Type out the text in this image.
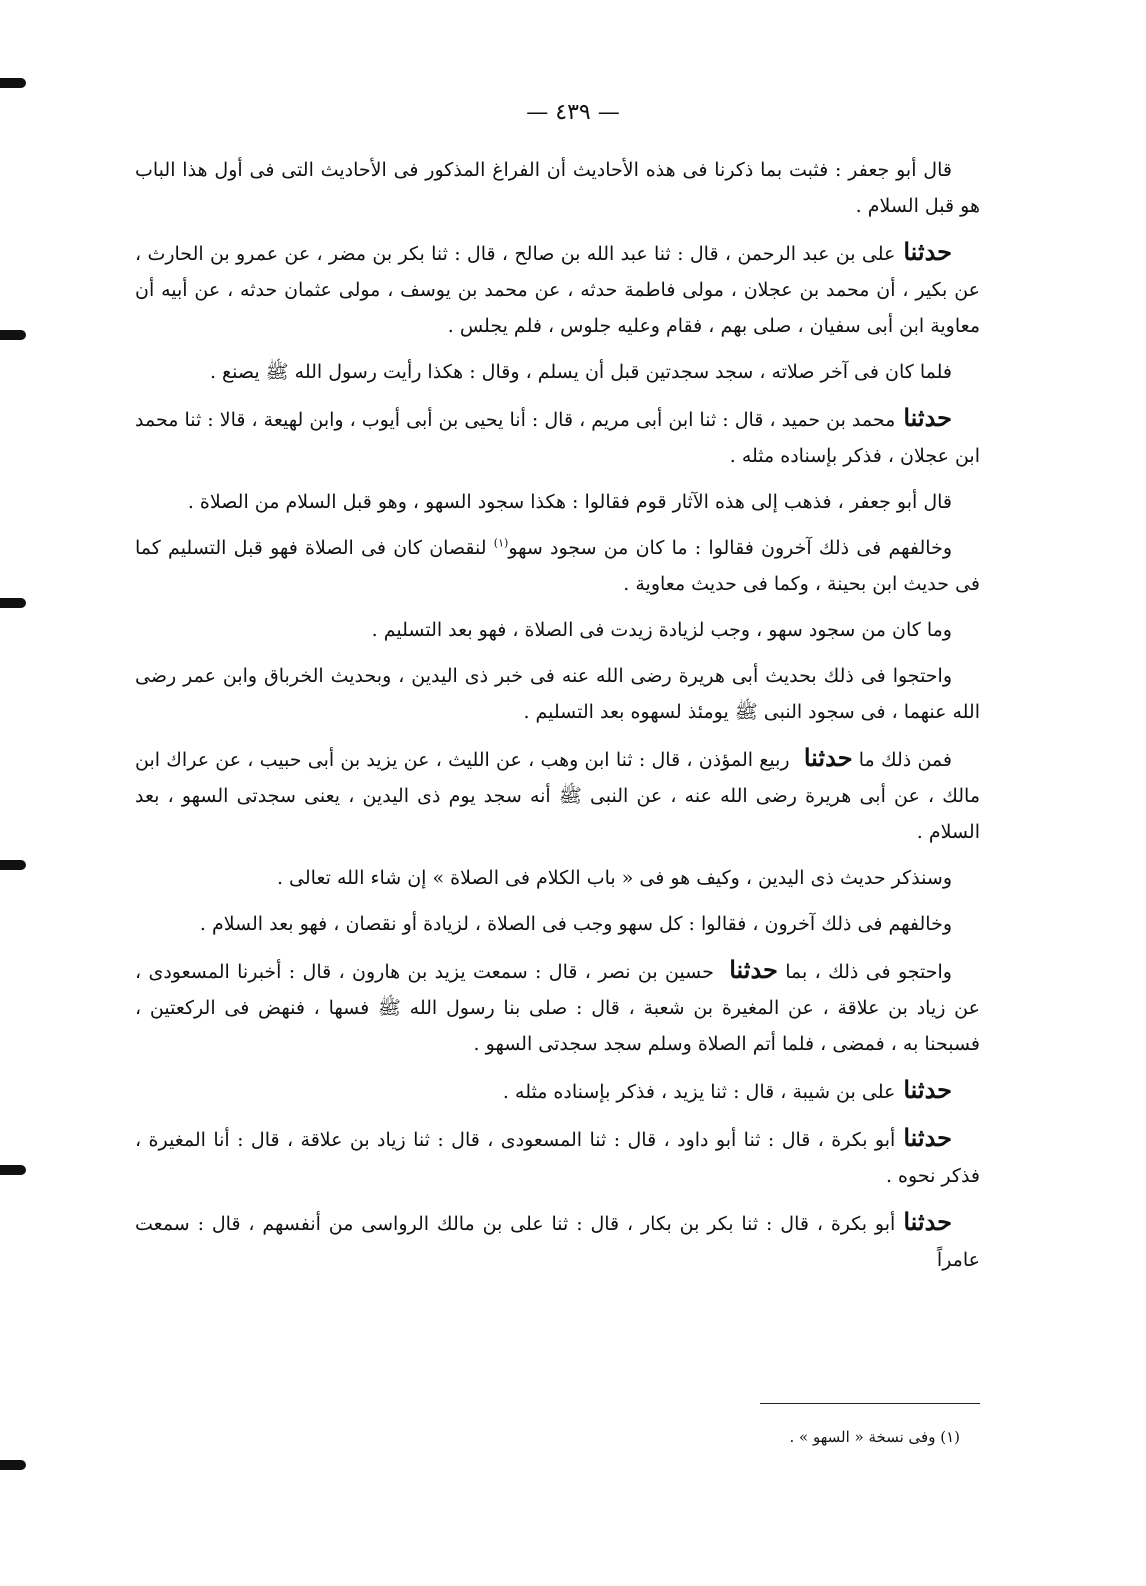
— ٤٣٩ —

قال أبو جعفر : فثبت بما ذكرنا فى هذه الأحاديث أن الفراغ المذكور فى الأحاديث التى فى أول هذا الباب هو قبل السلام .

حدثناعلى بن عبد الرحمن ، قال : ثنا عبد الله بن صالح ، قال : ثنا بكر بن مضر ، عن عمرو بن الحارث ، عن بكير ، أن محمد بن عجلان ، مولى فاطمة حدثه ، عن محمد بن يوسف ، مولى عثمان حدثه ، عن أبيه أن معاوية ابن أبى سفيان ، صلى بهم ، فقام وعليه جلوس ، فلم يجلس .

فلما كان فى آخر صلاته ، سجد سجدتين قبل أن يسلم ، وقال : هكذا رأيت رسول الله ﷺ يصنع .

حدثنامحمد بن حميد ، قال : ثنا ابن أبى مريم ، قال : أنا يحيى بن أبى أيوب ، وابن لهيعة ، قالا : ثنا محمد ابن عجلان ، فذكر بإسناده مثله .

قال أبو جعفر ، فذهب إلى هذه الآثار قوم فقالوا : هكذا سجود السهو ، وهو قبل السلام من الصلاة .

وخالفهم فى ذلك آخرون فقالوا : ما كان من سجود سهو$^{(١)}$ لنقصان كان فى الصلاة فهو قبل التسليم كما فى حديث ابن بحينة ، وكما فى حديث معاوية .

وما كان من سجود سهو ، وجب لزيادة زيدت فى الصلاة ، فهو بعد التسليم .

واحتجوا فى ذلك بحديث أبى هريرة رضى الله عنه فى خبر ذى اليدين ، وبحديث الخرباق وابن عمر رضى الله عنهما ، فى سجود النبى ﷺ يومئذ لسهوه بعد التسليم .

فمن ذلك ما حدثنا ربيع المؤذن ، قال : ثنا ابن وهب ، عن الليث ، عن يزيد بن أبى حبيب ، عن عراك ابن مالك ، عن أبى هريرة رضى الله عنه ، عن النبى ﷺ أنه سجد يوم ذى اليدين ، يعنى سجدتى السهو ، بعد السلام .

وسنذكر حديث ذى اليدين ، وكيف هو فى « باب الكلام فى الصلاة » إن شاء الله تعالى .

وخالفهم فى ذلك آخرون ، فقالوا : كل سهو وجب فى الصلاة ، لزيادة أو نقصان ، فهو بعد السلام .

واحتجو فى ذلك ، بما حدثنا حسين بن نصر ، قال : سمعت يزيد بن هارون ، قال : أخبرنا المسعودى ، عن زياد بن علاقة ، عن المغيرة بن شعبة ، قال : صلى بنا رسول الله ﷺ فسها ، فنهض فى الركعتين ، فسبحنا به ، فمضى ، فلما أتم الصلاة وسلم سجد سجدتى السهو .

حدثناعلى بن شيبة ، قال : ثنا يزيد ، فذكر بإسناده مثله .

حدثناأبو بكرة ، قال : ثنا أبو داود ، قال : ثنا المسعودى ، قال : ثنا زياد بن علاقة ، قال : أنا المغيرة ، فذكر نحوه .

حدثناأبو بكرة ، قال : ثنا بكر بن بكار ، قال : ثنا على بن مالك الرواسى من أنفسهم ، قال : سمعت عامراً

(١) وفى نسخة « السهو » .
